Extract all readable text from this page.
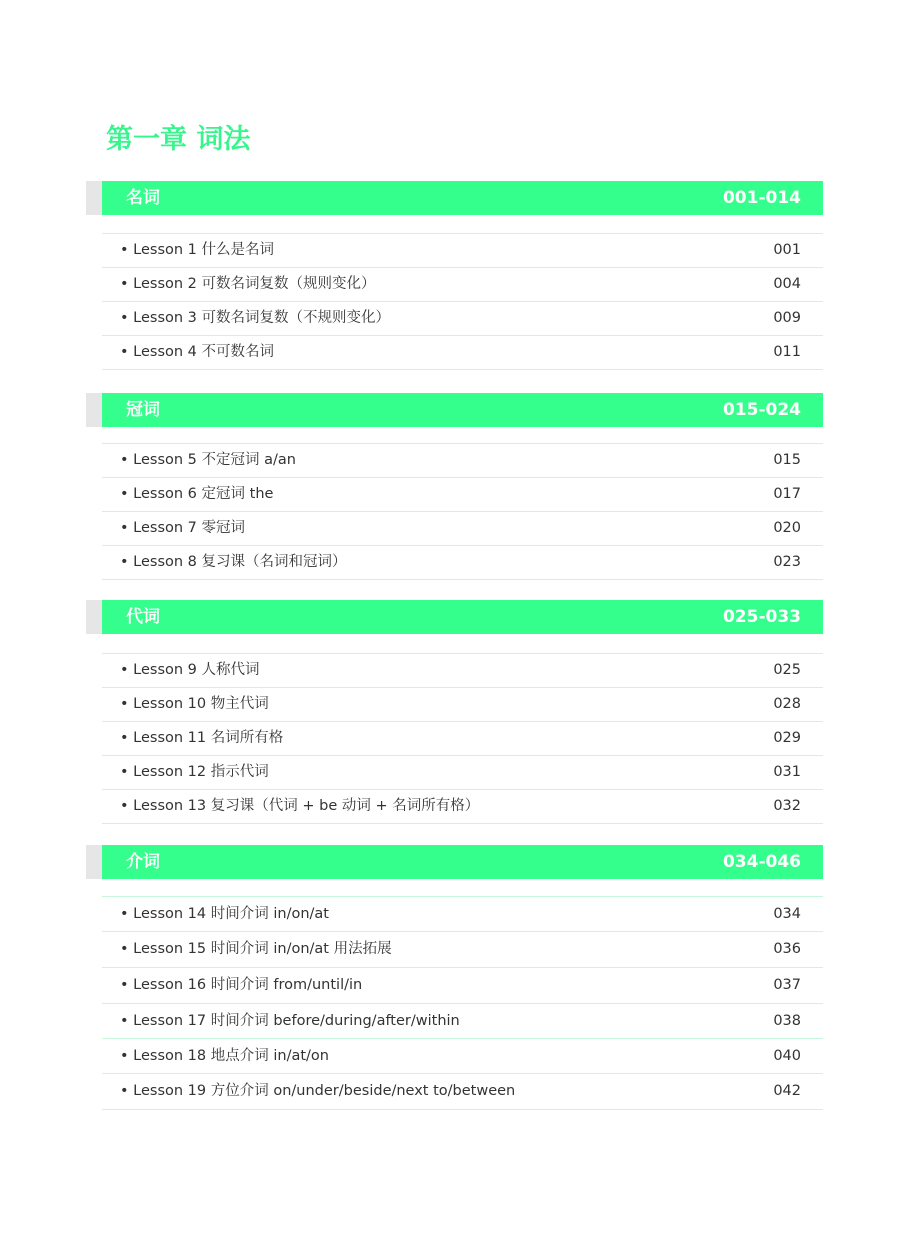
第一章 词法
名词	001-014
• Lesson 1 什么是名词	001
• Lesson 2 可数名词复数（规则变化）	004
• Lesson 3 可数名词复数（不规则变化）	009
• Lesson 4 不可数名词	011
冠词	015-024
• Lesson 5 不定冠词 a/an	015
• Lesson 6 定冠词 the	017
• Lesson 7 零冠词	020
• Lesson 8 复习课（名词和冠词）	023
代词	025-033
• Lesson 9 人称代词	025
• Lesson 10 物主代词	028
• Lesson 11 名词所有格	029
• Lesson 12 指示代词	031
• Lesson 13 复习课（代词 + be 动词 + 名词所有格）	032
介词	034-046
• Lesson 14 时间介词 in/on/at	034
• Lesson 15 时间介词 in/on/at 用法拓展	036
• Lesson 16 时间介词 from/until/in	037
• Lesson 17 时间介词 before/during/after/within	038
• Lesson 18 地点介词 in/at/on	040
• Lesson 19 方位介词 on/under/beside/next to/between	042
